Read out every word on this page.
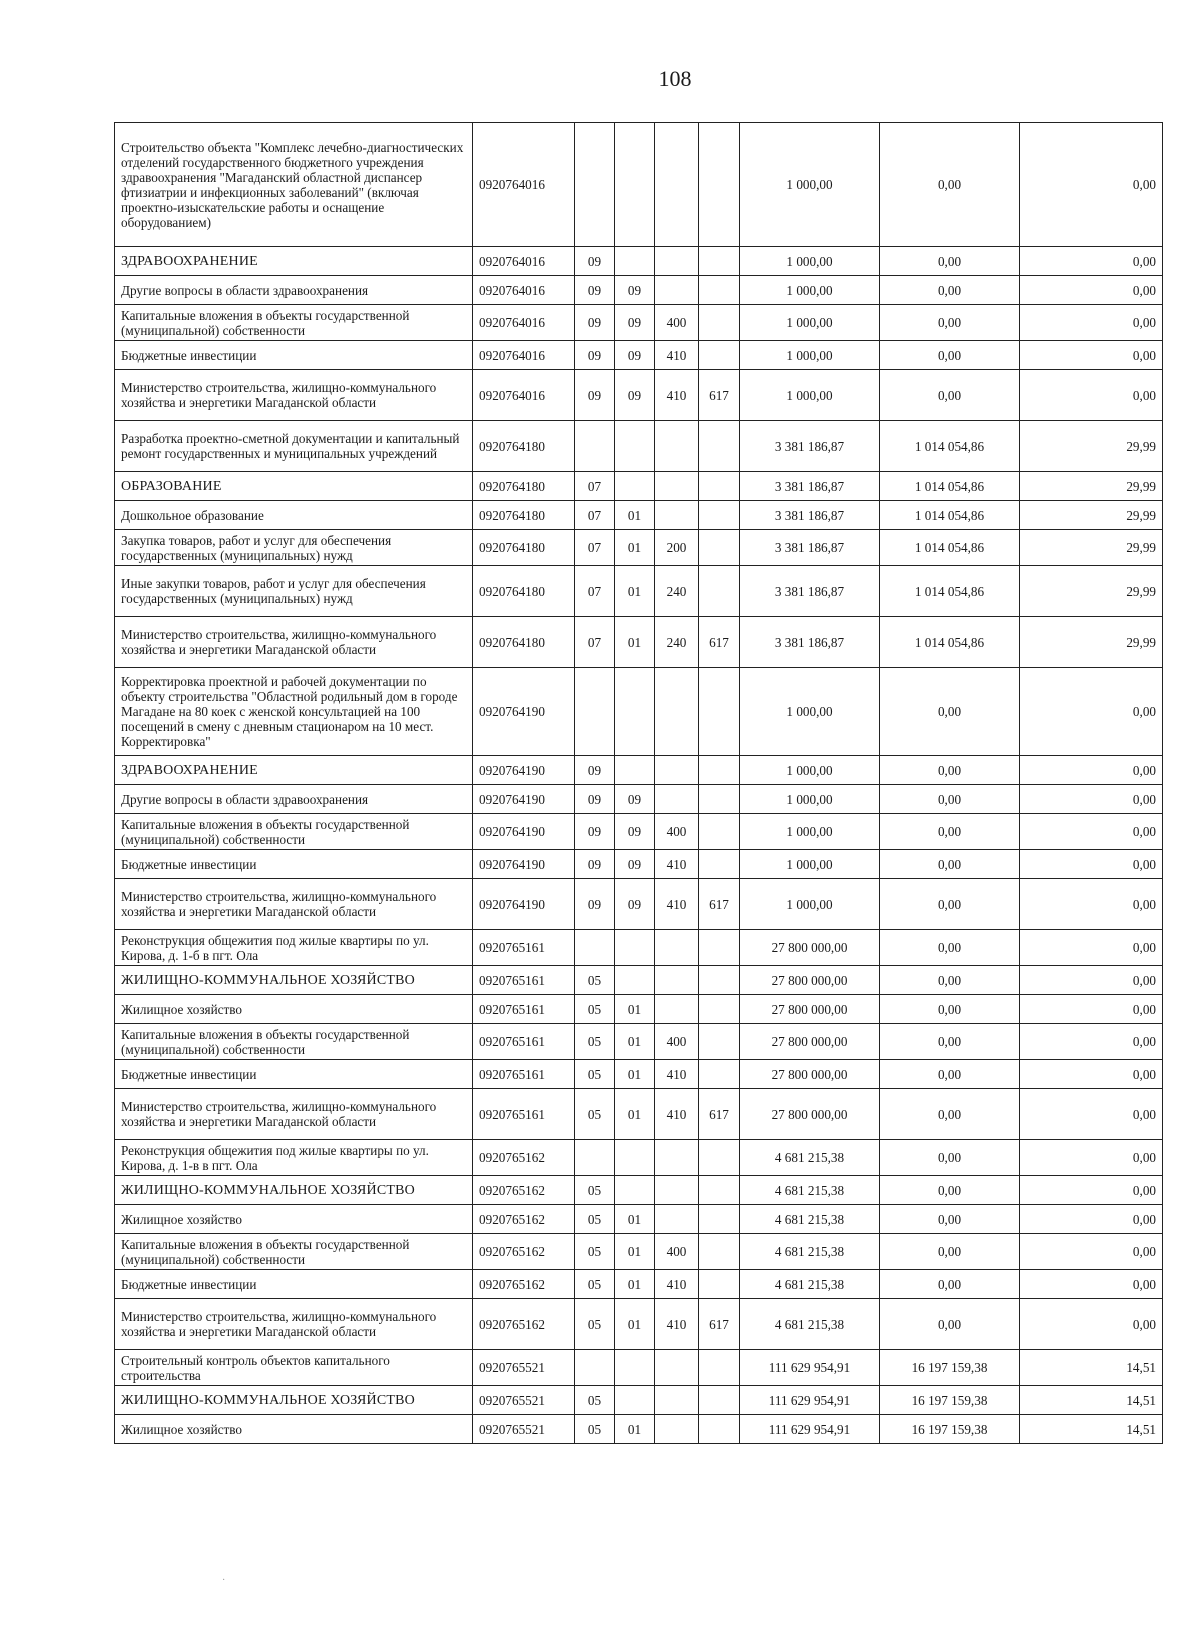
108
Строительство объекта "Комплекс лечебно-диагностических отделений государственного бюджетного учреждения здравоохранения "Магаданский областной диспансер фтизиатрии и инфекционных заболеваний" (включая проектно-изыскательские работы и оснащение оборудованием)	0920764016					1 000,00	0,00	0,00
ЗДРАВООХРАНЕНИЕ	0920764016	09				1 000,00	0,00	0,00
Другие вопросы в области здравоохранения	0920764016	09	09			1 000,00	0,00	0,00
Капитальные вложения в объекты государственной (муниципальной) собственности	0920764016	09	09	400		1 000,00	0,00	0,00
Бюджетные инвестиции	0920764016	09	09	410		1 000,00	0,00	0,00
Министерство строительства, жилищно-коммунального хозяйства и энергетики Магаданской области	0920764016	09	09	410	617	1 000,00	0,00	0,00
Разработка проектно-сметной документации и капитальный ремонт государственных и муниципальных учреждений	0920764180					3 381 186,87	1 014 054,86	29,99
ОБРАЗОВАНИЕ	0920764180	07				3 381 186,87	1 014 054,86	29,99
Дошкольное образование	0920764180	07	01			3 381 186,87	1 014 054,86	29,99
Закупка товаров, работ и услуг для обеспечения государственных (муниципальных) нужд	0920764180	07	01	200		3 381 186,87	1 014 054,86	29,99
Иные закупки товаров, работ и услуг для обеспечения государственных (муниципальных) нужд	0920764180	07	01	240		3 381 186,87	1 014 054,86	29,99
Министерство строительства, жилищно-коммунального хозяйства и энергетики Магаданской области	0920764180	07	01	240	617	3 381 186,87	1 014 054,86	29,99
Корректировка проектной и рабочей документации по объекту строительства "Областной родильный дом в городе Магадане на 80 коек с женской консультацией на 100 посещений в смену с дневным стационаром на 10 мест. Корректировка"	0920764190					1 000,00	0,00	0,00
ЗДРАВООХРАНЕНИЕ	0920764190	09				1 000,00	0,00	0,00
Другие вопросы в области здравоохранения	0920764190	09	09			1 000,00	0,00	0,00
Капитальные вложения в объекты государственной (муниципальной) собственности	0920764190	09	09	400		1 000,00	0,00	0,00
Бюджетные инвестиции	0920764190	09	09	410		1 000,00	0,00	0,00
Министерство строительства, жилищно-коммунального хозяйства и энергетики Магаданской области	0920764190	09	09	410	617	1 000,00	0,00	0,00
Реконструкция общежития под жилые квартиры по ул. Кирова, д. 1-б в пгт. Ола	0920765161					27 800 000,00	0,00	0,00
ЖИЛИЩНО-КОММУНАЛЬНОЕ ХОЗЯЙСТВО	0920765161	05				27 800 000,00	0,00	0,00
Жилищное хозяйство	0920765161	05	01			27 800 000,00	0,00	0,00
Капитальные вложения в объекты государственной (муниципальной) собственности	0920765161	05	01	400		27 800 000,00	0,00	0,00
Бюджетные инвестиции	0920765161	05	01	410		27 800 000,00	0,00	0,00
Министерство строительства, жилищно-коммунального хозяйства и энергетики Магаданской области	0920765161	05	01	410	617	27 800 000,00	0,00	0,00
Реконструкция общежития под жилые квартиры по ул. Кирова, д. 1-в в пгт. Ола	0920765162					4 681 215,38	0,00	0,00
ЖИЛИЩНО-КОММУНАЛЬНОЕ ХОЗЯЙСТВО	0920765162	05				4 681 215,38	0,00	0,00
Жилищное хозяйство	0920765162	05	01			4 681 215,38	0,00	0,00
Капитальные вложения в объекты государственной (муниципальной) собственности	0920765162	05	01	400		4 681 215,38	0,00	0,00
Бюджетные инвестиции	0920765162	05	01	410		4 681 215,38	0,00	0,00
Министерство строительства, жилищно-коммунального хозяйства и энергетики Магаданской области	0920765162	05	01	410	617	4 681 215,38	0,00	0,00
Строительный контроль объектов капитального строительства	0920765521					111 629 954,91	16 197 159,38	14,51
ЖИЛИЩНО-КОММУНАЛЬНОЕ ХОЗЯЙСТВО	0920765521	05				111 629 954,91	16 197 159,38	14,51
Жилищное хозяйство	0920765521	05	01			111 629 954,91	16 197 159,38	14,51
·
